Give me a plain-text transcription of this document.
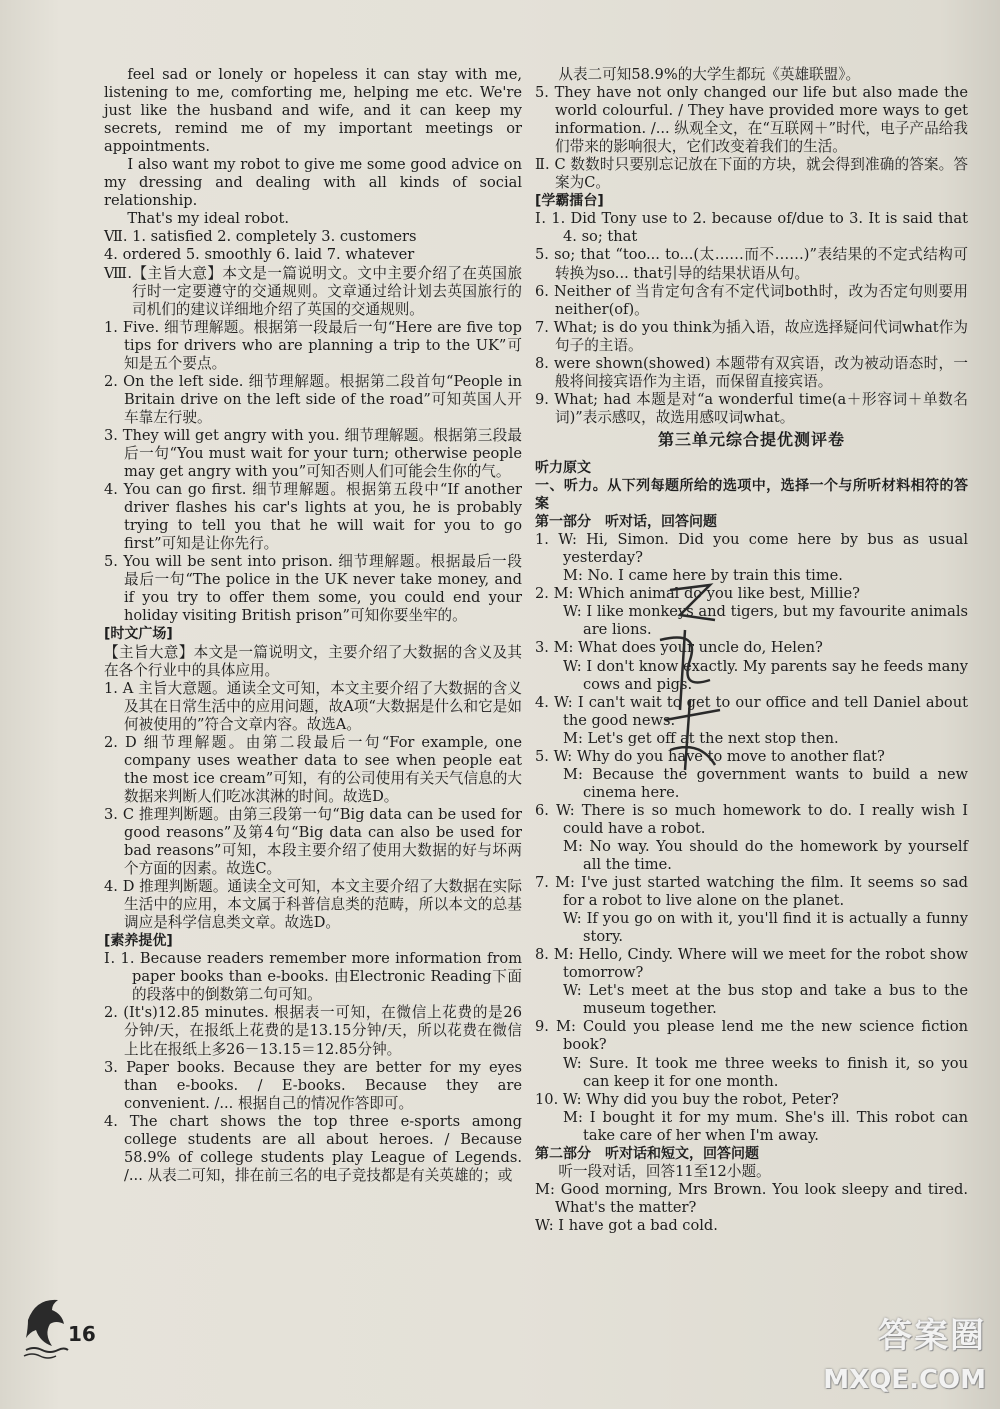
feel sad or lonely or hopeless it can stay with me, listening to me, comforting me, helping me etc. We're just like the husband and wife, and it can keep my secrets, remind me of my important meetings or appointments.

I also want my robot to give me some good advice on my dressing and dealing with all kinds of social relationship.

That's my ideal robot.

Ⅶ. 1. satisfied 2. completely 3. customers

4. ordered 5. smoothly 6. laid 7. whatever

Ⅷ.【主旨大意】本文是一篇说明文。文中主要介绍了在英国旅行时一定要遵守的交通规则。文章通过给计划去英国旅行的司机们的建议详细地介绍了英国的交通规则。

1. Five. 细节理解题。根据第一段最后一句“Here are five top tips for drivers who are planning a trip to the UK”可知是五个要点。

2. On the left side. 细节理解题。根据第二段首句“People in Britain drive on the left side of the road”可知英国人开车靠左行驶。

3. They will get angry with you. 细节理解题。根据第三段最后一句“You must wait for your turn; otherwise people may get angry with you”可知否则人们可能会生你的气。

4. You can go first. 细节理解题。根据第五段中“If another driver flashes his car's lights at you, he is probably trying to tell you that he will wait for you to go first”可知是让你先行。

5. You will be sent into prison. 细节理解题。根据最后一段最后一句“The police in the UK never take money, and if you try to offer them some, you could end your holiday visiting British prison”可知你要坐牢的。

[时文广场]

【主旨大意】本文是一篇说明文，主要介绍了大数据的含义及其在各个行业中的具体应用。

1. A 主旨大意题。通读全文可知，本文主要介绍了大数据的含义及其在日常生活中的应用问题，故A项“大数据是什么和它是如何被使用的”符合文章内容。故选A。

2. D 细节理解题。由第二段最后一句“For example, one company uses weather data to see when people eat the most ice cream”可知，有的公司使用有关天气信息的大数据来判断人们吃冰淇淋的时间。故选D。

3. C 推理判断题。由第三段第一句“Big data can be used for good reasons”及第4句“Big data can also be used for bad reasons”可知，本段主要介绍了使用大数据的好与坏两个方面的因素。故选C。

4. D 推理判断题。通读全文可知，本文主要介绍了大数据在实际生活中的应用，本文属于科普信息类的范畴，所以本文的总基调应是科学信息类文章。故选D。

[素养提优]

Ⅰ. 1. Because readers remember more information from paper books than e-books. 由Electronic Reading下面的段落中的倒数第二句可知。

2. (It's)12.85 minutes. 根据表一可知，在微信上花费的是26分钟/天，在报纸上花费的是13.15分钟/天，所以花费在微信上比在报纸上多26－13.15＝12.85分钟。

3. Paper books. Because they are better for my eyes than e-books. / E-books. Because they are convenient. /... 根据自己的情况作答即可。

4. The chart shows the top three e-sports among college students are all about heroes. / Because 58.9% of college students play League of Legends. /... 从表二可知，排在前三名的电子竞技都是有关英雄的；或

从表二可知58.9%的大学生都玩《英雄联盟》。

5. They have not only changed our life but also made the world colourful. / They have provided more ways to get information. /... 纵观全文，在“互联网＋”时代，电子产品给我们带来的影响很大，它们改变着我们的生活。

Ⅱ. C 数数时只要别忘记放在下面的方块，就会得到准确的答案。答案为C。

[学霸擂台]

Ⅰ. 1. Did Tony use to 2. because of/due to 3. It is said that 4. so; that

5. so; that “too... to...(太……而不……)”表结果的不定式结构可转换为so... that引导的结果状语从句。

6. Neither of 当肯定句含有不定代词both时，改为否定句则要用neither(of)。

7. What; is do you think为插入语，故应选择疑问代词what作为句子的主语。

8. were shown(showed) 本题带有双宾语，改为被动语态时，一般将间接宾语作为主语，而保留直接宾语。

9. What; had 本题是对“a wonderful time(a＋形容词＋单数名词)”表示感叹，故选用感叹词what。

第三单元综合提优测评卷

听力原文

一、听力。从下列每题所给的选项中，选择一个与所听材料相符的答案

第一部分　听对话，回答问题

1. W: Hi, Simon. Did you come here by bus as usual yesterday?

M: No. I came here by train this time.

2. M: Which animal do you like best, Millie?

W: I like monkeys and tigers, but my favourite animals are lions.

3. M: What does your uncle do, Helen?

W: I don't know exactly. My parents say he feeds many cows and pigs.

4. W: I can't wait to get to our office and tell Daniel about the good news.

M: Let's get off at the next stop then.

5. W: Why do you have to move to another flat?

M: Because the government wants to build a new cinema here.

6. W: There is so much homework to do. I really wish I could have a robot.

M: No way. You should do the homework by yourself all the time.

7. M: I've just started watching the film. It seems so sad for a robot to live alone on the planet.

W: If you go on with it, you'll find it is actually a funny story.

8. M: Hello, Cindy. Where will we meet for the robot show tomorrow?

W: Let's meet at the bus stop and take a bus to the museum together.

9. M: Could you please lend me the new science fiction book?

W: Sure. It took me three weeks to finish it, so you can keep it for one month.

10. W: Why did you buy the robot, Peter?

M: I bought it for my mum. She's ill. This robot can take care of her when I'm away.

第二部分　听对话和短文，回答问题

听一段对话，回答11至12小题。

M: Good morning, Mrs Brown. You look sleepy and tired. What's the matter?

W: I have got a bad cold.

16	答案圈
MXQE.COM
